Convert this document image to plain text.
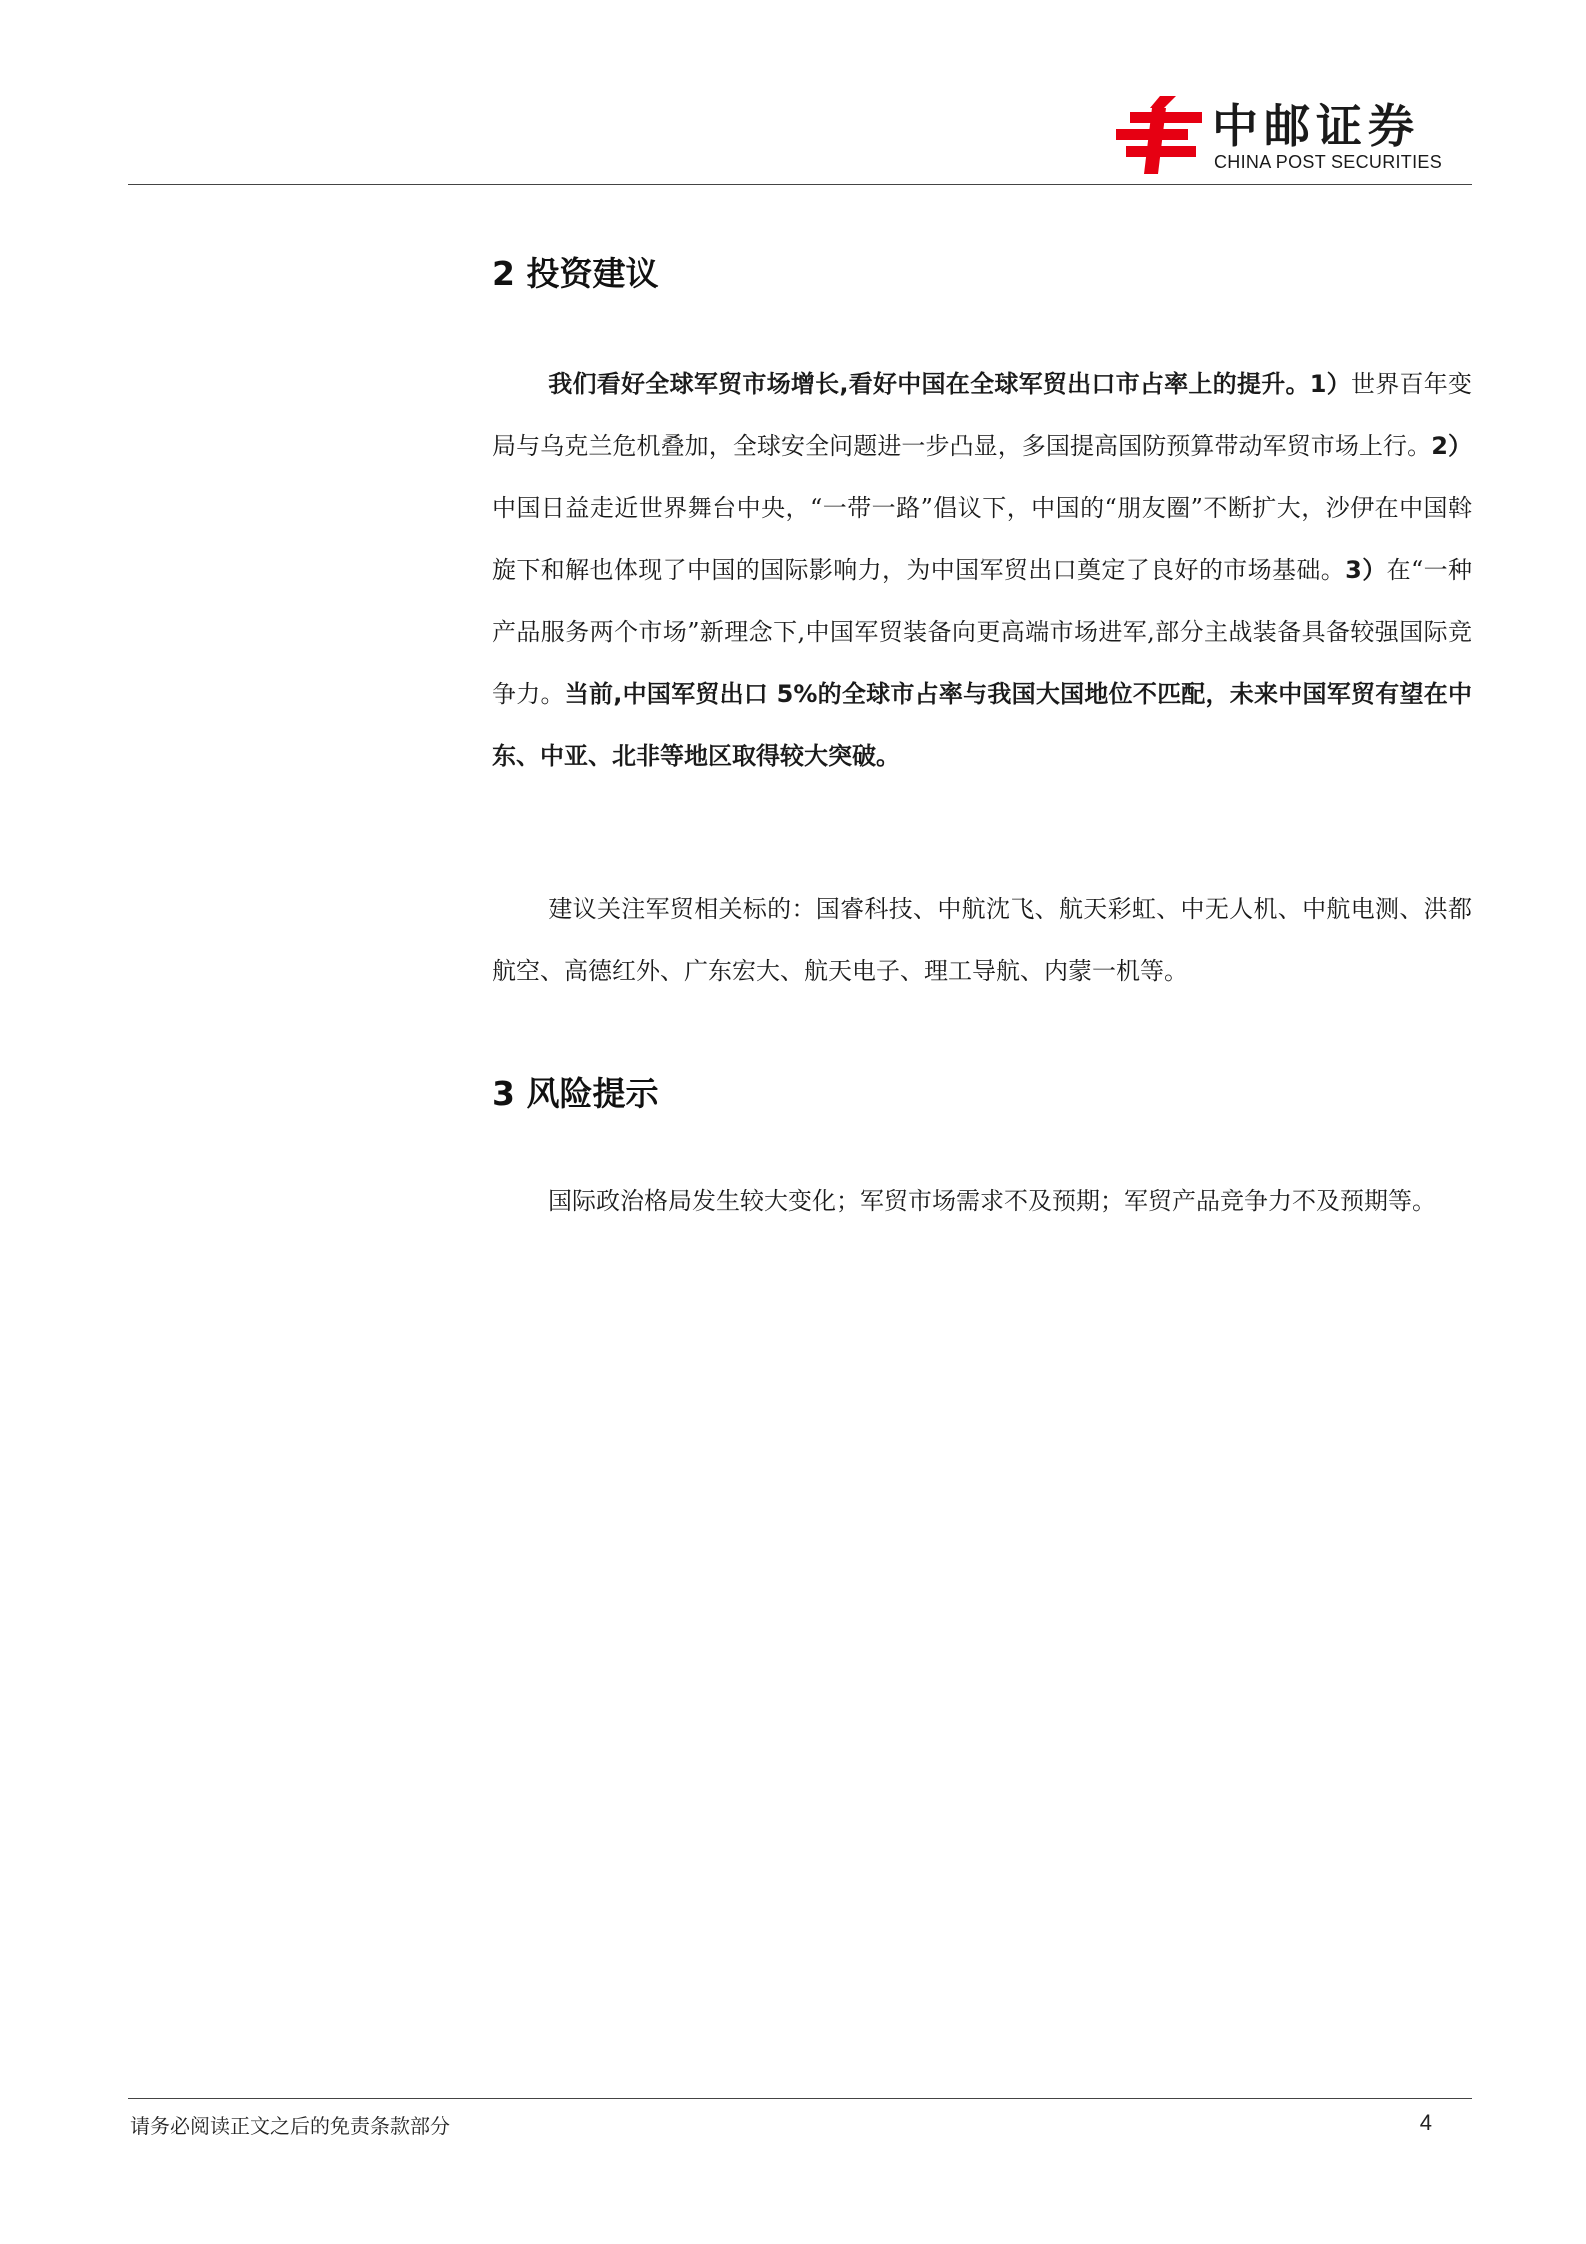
中邮证券
CHINA POST SECURITIES
2 投资建议

我们看好全球军贸市场增长,看好中国在全球军贸出口市占率上的提升。1）世界百年变局与乌克兰危机叠加，全球安全问题进一步凸显，多国提高国防预算带动军贸市场上行。2）中国日益走近世界舞台中央，“一带一路”倡议下，中国的“朋友圈”不断扩大，沙伊在中国斡旋下和解也体现了中国的国际影响力，为中国军贸出口奠定了良好的市场基础。3）在“一种产品服务两个市场”新理念下,中国军贸装备向更高端市场进军,部分主战装备具备较强国际竞争力。当前,中国军贸出口 5%的全球市占率与我国大国地位不匹配，未来中国军贸有望在中东、中亚、北非等地区取得较大突破。

建议关注军贸相关标的：国睿科技、中航沈飞、航天彩虹、中无人机、中航电测、洪都航空、高德红外、广东宏大、航天电子、理工导航、内蒙一机等。

3 风险提示

国际政治格局发生较大变化；军贸市场需求不及预期；军贸产品竞争力不及预期等。

请务必阅读正文之后的免责条款部分	4
